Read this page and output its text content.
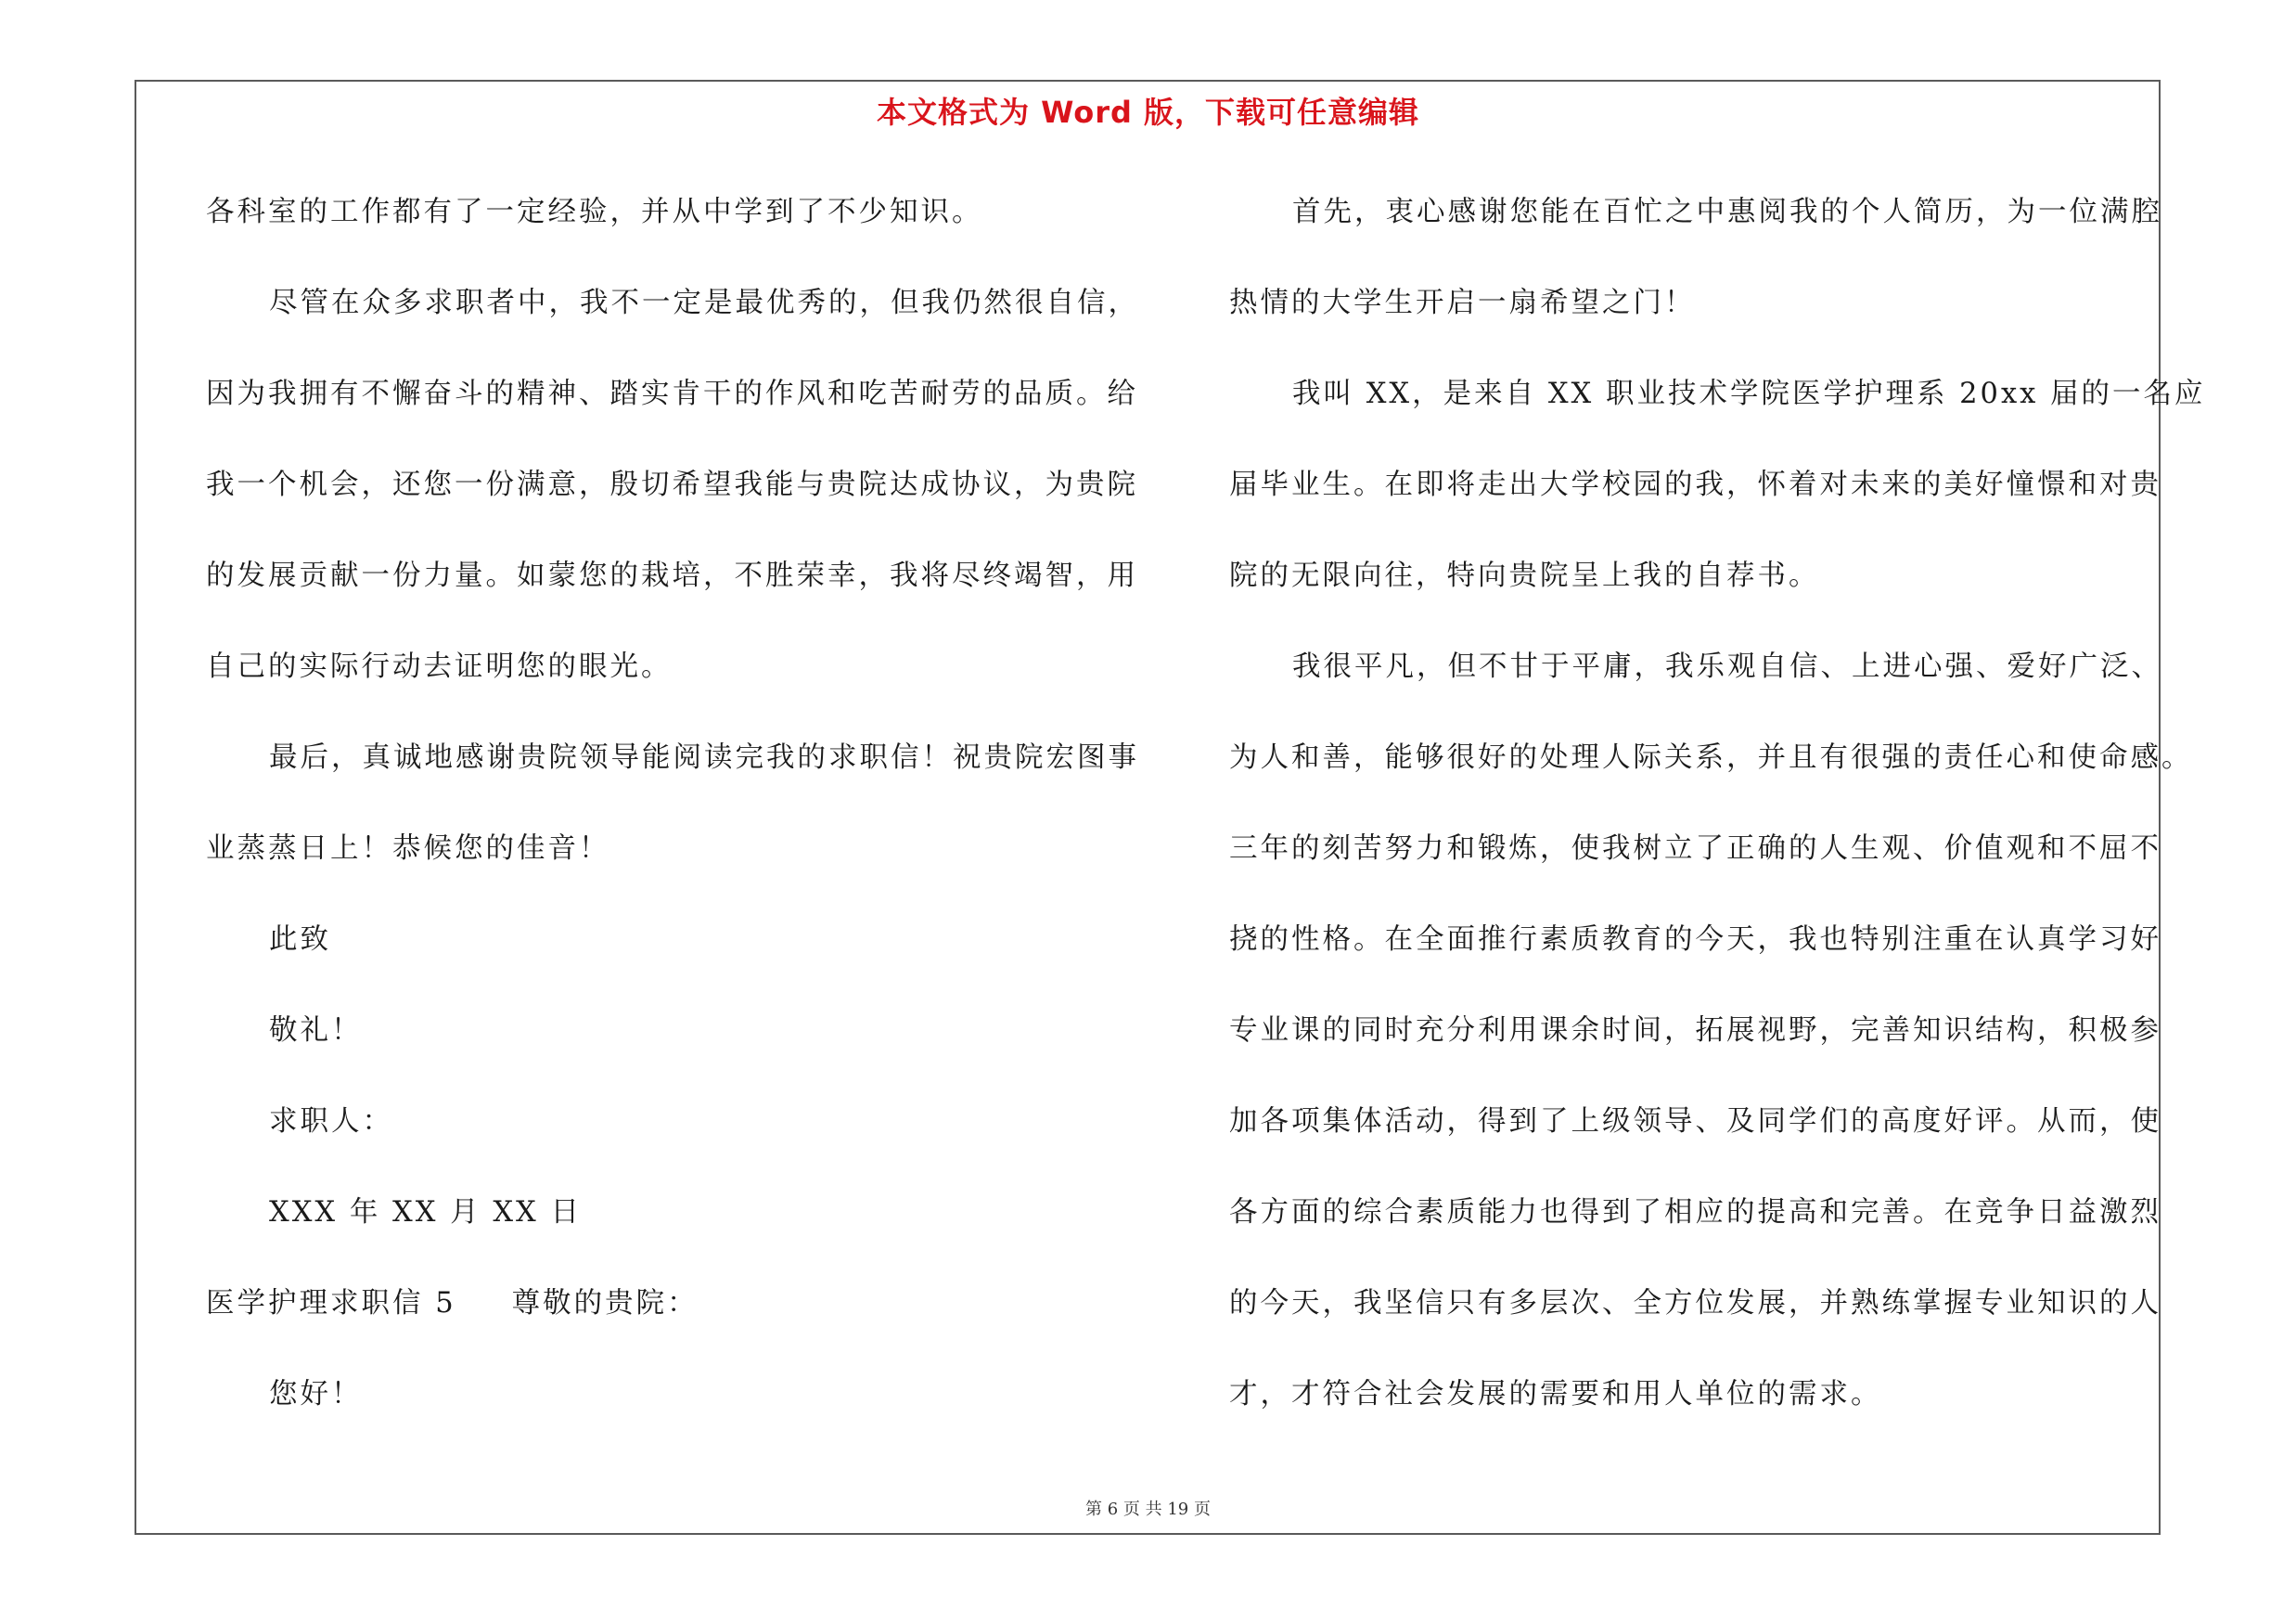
本文格式为 Word 版，下载可任意编辑
各科室的工作都有了一定经验，并从中学到了不少知识。
尽管在众多求职者中，我不一定是最优秀的，但我仍然很自信，
因为我拥有不懈奋斗的精神、踏实肯干的作风和吃苦耐劳的品质。给
我一个机会，还您一份满意，殷切希望我能与贵院达成协议，为贵院
的发展贡献一份力量。如蒙您的栽培，不胜荣幸，我将尽终竭智，用
自己的实际行动去证明您的眼光。
最后，真诚地感谢贵院领导能阅读完我的求职信！祝贵院宏图事
业蒸蒸日上！恭候您的佳音！
此致
敬礼！
求职人：
XXX 年 XX 月 XX 日
医学护理求职信 5 尊敬的贵院：
您好！
首先，衷心感谢您能在百忙之中惠阅我的个人简历，为一位满腔
热情的大学生开启一扇希望之门！
我叫 XX，是来自 XX 职业技术学院医学护理系 20xx 届的一名应
届毕业生。在即将走出大学校园的我，怀着对未来的美好憧憬和对贵
院的无限向往，特向贵院呈上我的自荐书。
我很平凡，但不甘于平庸，我乐观自信、上进心强、爱好广泛、
为人和善，能够很好的处理人际关系，并且有很强的责任心和使命感。
三年的刻苦努力和锻炼，使我树立了正确的人生观、价值观和不屈不
挠的性格。在全面推行素质教育的今天，我也特别注重在认真学习好
专业课的同时充分利用课余时间，拓展视野，完善知识结构，积极参
加各项集体活动，得到了上级领导、及同学们的高度好评。从而，使
各方面的综合素质能力也得到了相应的提高和完善。在竞争日益激烈
的今天，我坚信只有多层次、全方位发展，并熟练掌握专业知识的人
才，才符合社会发展的需要和用人单位的需求。
第 6 页 共 19 页
